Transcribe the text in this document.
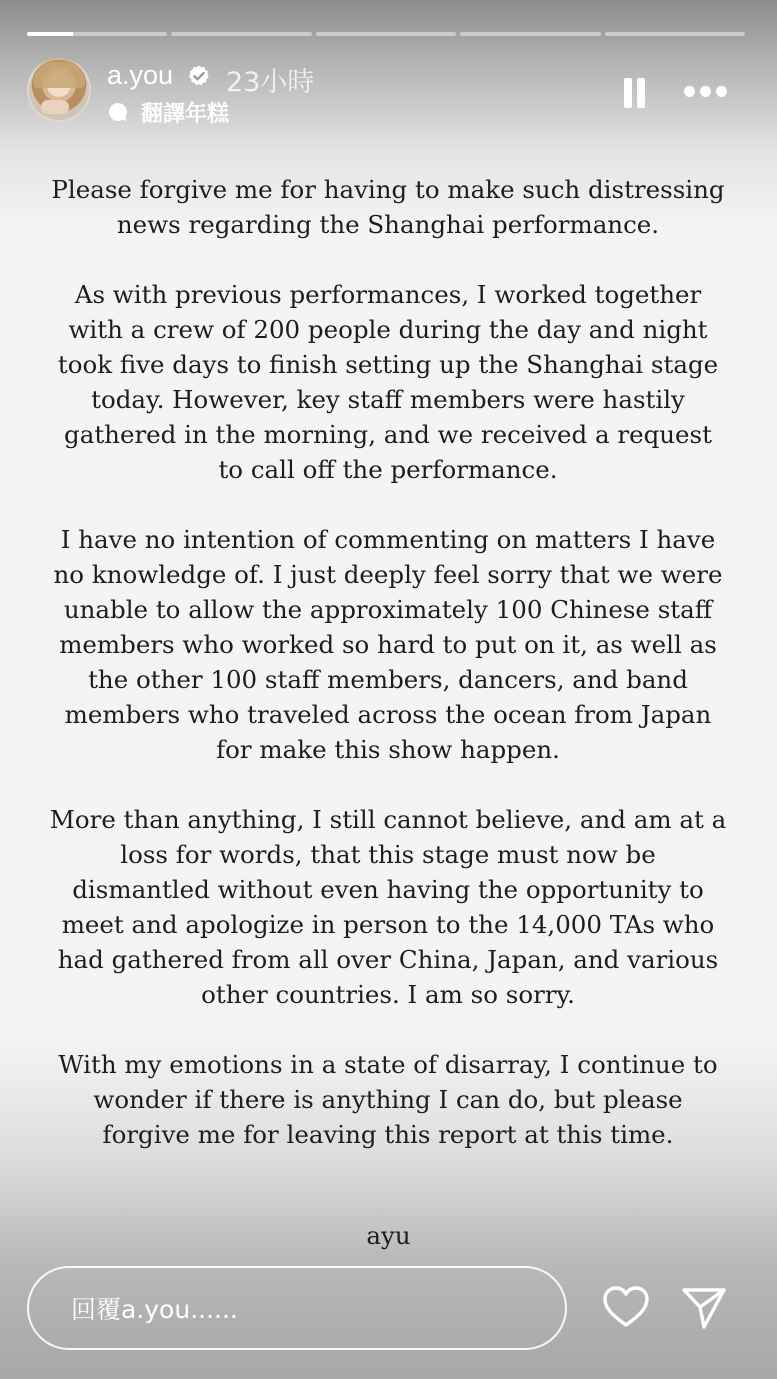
a.you 23小時
翻譯年糕

Please forgive me for having to make such distressing news regarding the Shanghai performance.

As with previous performances, I worked together with a crew of 200 people during the day and night took five days to finish setting up the Shanghai stage today. However, key staff members were hastily gathered in the morning, and we received a request to call off the performance.

I have no intention of commenting on matters I have no knowledge of. I just deeply feel sorry that we were unable to allow the approximately 100 Chinese staff members who worked so hard to put on it, as well as the other 100 staff members, dancers, and band members who traveled across the ocean from Japan for make this show happen.

More than anything, I still cannot believe, and am at a loss for words, that this stage must now be dismantled without even having the opportunity to meet and apologize in person to the 14,000 TAs who had gathered from all over China, Japan, and various other countries. I am so sorry.

With my emotions in a state of disarray, I continue to wonder if there is anything I can do, but please forgive me for leaving this report at this time.

ayu
回覆a.you......
